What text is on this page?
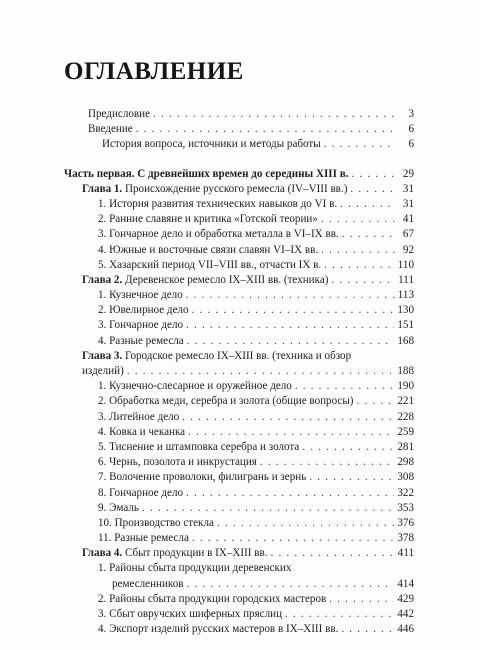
ОГЛАВЛЕНИЕ
Предисловие . . .	3
Введение . . .	6
История вопроса, источники и методы работы . . .	6
Часть первая. С древнейших времен до середины XIII в. . . .	29
Глава 1. Происхождение русского ремесла (IV–VIII вв.) . . .	31
1. История развития технических навыков до VI в. . . .	31
2. Ранние славяне и критика «Готской теории» . . .	41
3. Гончарное дело и обработка металла в VI–IX вв. . . .	67
4. Южные и восточные связи славян VI–IX вв. . . .	92
5. Хазарский период VII–VIII вв., отчасти IX в. . . .	110
Глава 2. Деревенское ремесло IX–XIII вв. (техника) . . .	111
1. Кузнечное дело . . .	113
2. Ювелирное дело . . .	130
3. Гончарное дело . . .	151
4. Разные ремесла . . .	168
Глава 3. Городское ремесло IX–XIII вв. (техника и обзор
изделий) . . .	188
1. Кузнечно-слесарное и оружейное дело . . .	190
2. Обработка меди, серебра и золота (общие вопросы) . . .	221
3. Литейное дело . . .	228
4. Ковка и чеканка . . .	259
5. Тиснение и штамповка серебра и золота . . .	281
6. Чернь, позолота и инкрустация . . .	298
7. Волочение проволоки, филигрань и зернь . . .	308
8. Гончарное дело . . .	322
9. Эмаль . . .	353
10. Производство стекла . . .	376
11. Разные ремесла . . .	378
Глава 4. Сбыт продукции в IX–XIII вв. . . .	411
1. Районы сбыта продукции деревенских
ремесленников . . .	414
2. Районы сбыта продукции городских мастеров . . .	429
3. Сбыт овручских шиферных пряслиц . . .	442
4. Экспорт изделий русских мастеров в IX–XIII вв. . . .	446
